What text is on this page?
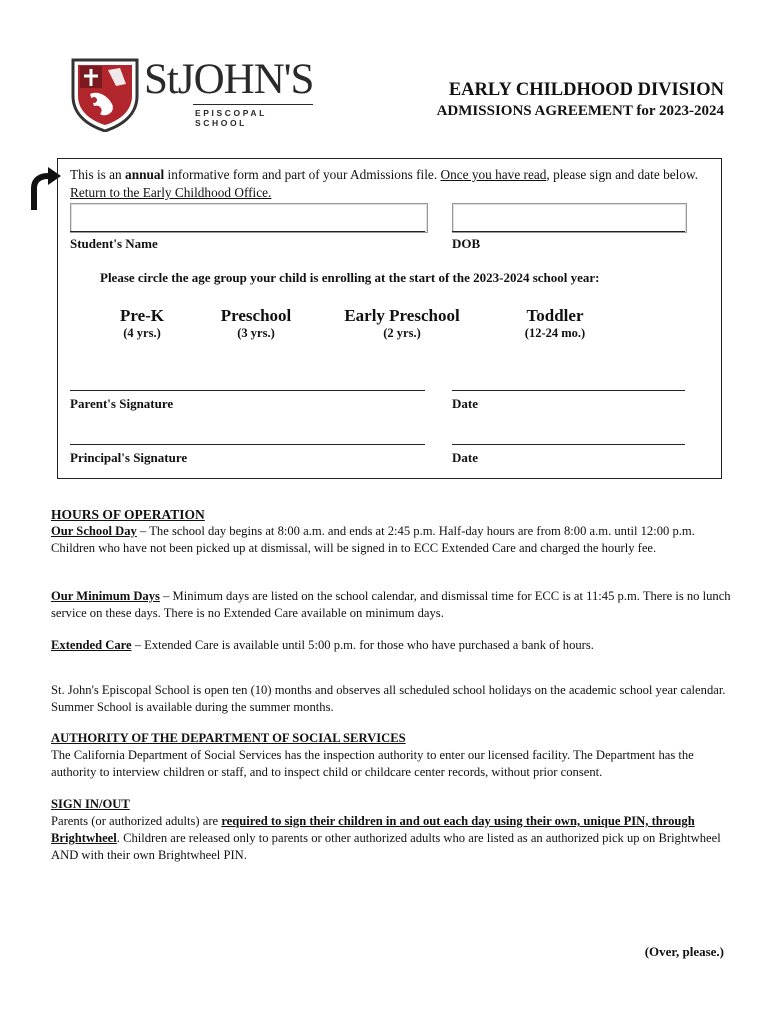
StJOHN'S
EPISCOPAL SCHOOL
EARLY CHILDHOOD DIVISION
ADMISSIONS AGREEMENT for 2023-2024
This is an annual informative form and part of your Admissions file. Once you have read, please sign and date below. Return to the Early Childhood Office.
Student's Name	DOB
Please circle the age group your child is enrolling at the start of the 2023-2024 school year:
Pre-K
(4 yrs.)
Preschool
(3 yrs.)
Early Preschool
(2 yrs.)
Toddler
(12-24 mo.)
Parent's Signature	Date
Principal's Signature	Date
HOURS OF OPERATION

Our School Day – The school day begins at 8:00 a.m. and ends at 2:45 p.m. Half-day hours are from 8:00 a.m. until 12:00 p.m. Children who have not been picked up at dismissal, will be signed in to ECC Extended Care and charged the hourly fee.

Our Minimum Days – Minimum days are listed on the school calendar, and dismissal time for ECC is at 11:45 p.m. There is no lunch service on these days. There is no Extended Care available on minimum days.
Extended Care – Extended Care is available until 5:00 p.m. for those who have purchased a bank of hours.
St. John's Episcopal School is open ten (10) months and observes all scheduled school holidays on the academic school year calendar. Summer School is available during the summer months.
AUTHORITY OF THE DEPARTMENT OF SOCIAL SERVICES

The California Department of Social Services has the inspection authority to enter our licensed facility. The Department has the authority to interview children or staff, and to inspect child or childcare center records, without prior consent.

SIGN IN/OUT

Parents (or authorized adults) are required to sign their children in and out each day using their own, unique PIN, through Brightwheel. Children are released only to parents or other authorized adults who are listed as an authorized pick up on Brightwheel AND with their own Brightwheel PIN.

(Over, please.)
